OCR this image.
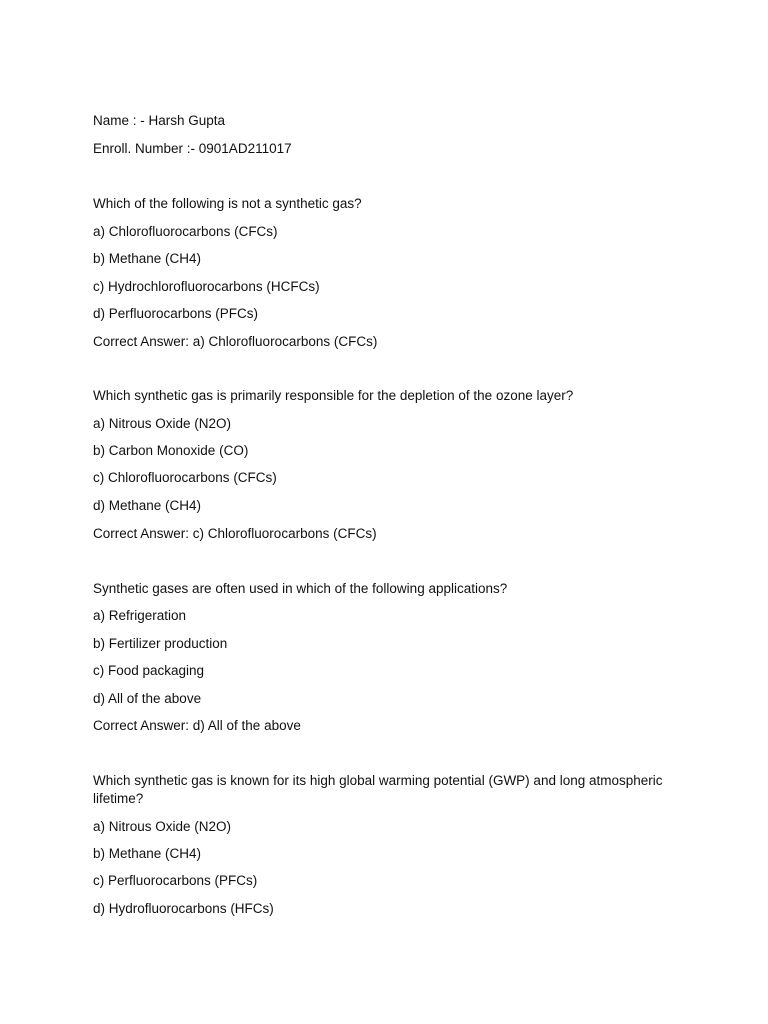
Name : - Harsh Gupta
Enroll. Number :- 0901AD211017
Which of the following is not a synthetic gas?
a) Chlorofluorocarbons (CFCs)
b) Methane (CH4)
c) Hydrochlorofluorocarbons (HCFCs)
d) Perfluorocarbons (PFCs)
Correct Answer: a) Chlorofluorocarbons (CFCs)
Which synthetic gas is primarily responsible for the depletion of the ozone layer?
a) Nitrous Oxide (N2O)
b) Carbon Monoxide (CO)
c) Chlorofluorocarbons (CFCs)
d) Methane (CH4)
Correct Answer: c) Chlorofluorocarbons (CFCs)
Synthetic gases are often used in which of the following applications?
a) Refrigeration
b) Fertilizer production
c) Food packaging
d) All of the above
Correct Answer: d) All of the above
Which synthetic gas is known for its high global warming potential (GWP) and long atmospheric lifetime?
a) Nitrous Oxide (N2O)
b) Methane (CH4)
c) Perfluorocarbons (PFCs)
d) Hydrofluorocarbons (HFCs)
